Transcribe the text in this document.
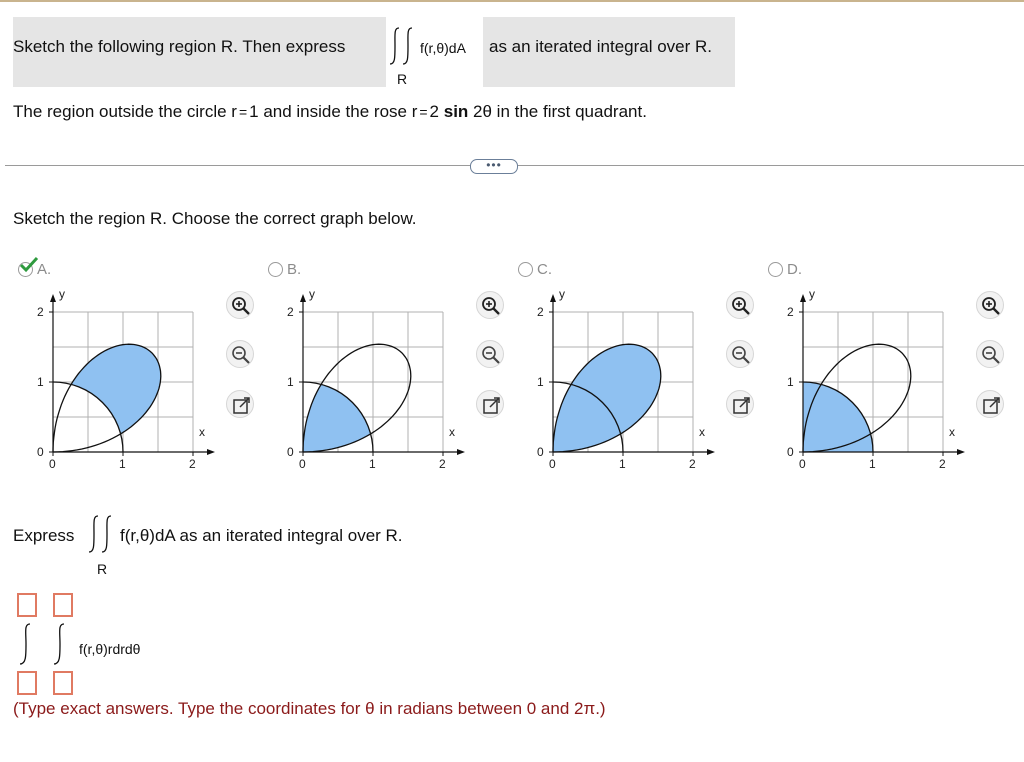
Sketch the following region R. Then express
R
f(r,θ)dA as an iterated integral over R.
The region outside the circle r = 1 and inside the rose r = 2 sin 2θ in the first quadrant.
•••
Sketch the region R. Choose the correct graph below.
A.
0
0
1
1
2
2
y
x
B.
0
0
1
1
2
2
y
x
C.
0
0
1
1
2
2
y
x
D.
0
0
1
1
2
2
y
x
Express
R
f(r,θ)dA as an iterated integral over R.
f(r,θ)rdrdθ
(Type exact answers. Type the coordinates for θ in radians between 0 and 2π.)
